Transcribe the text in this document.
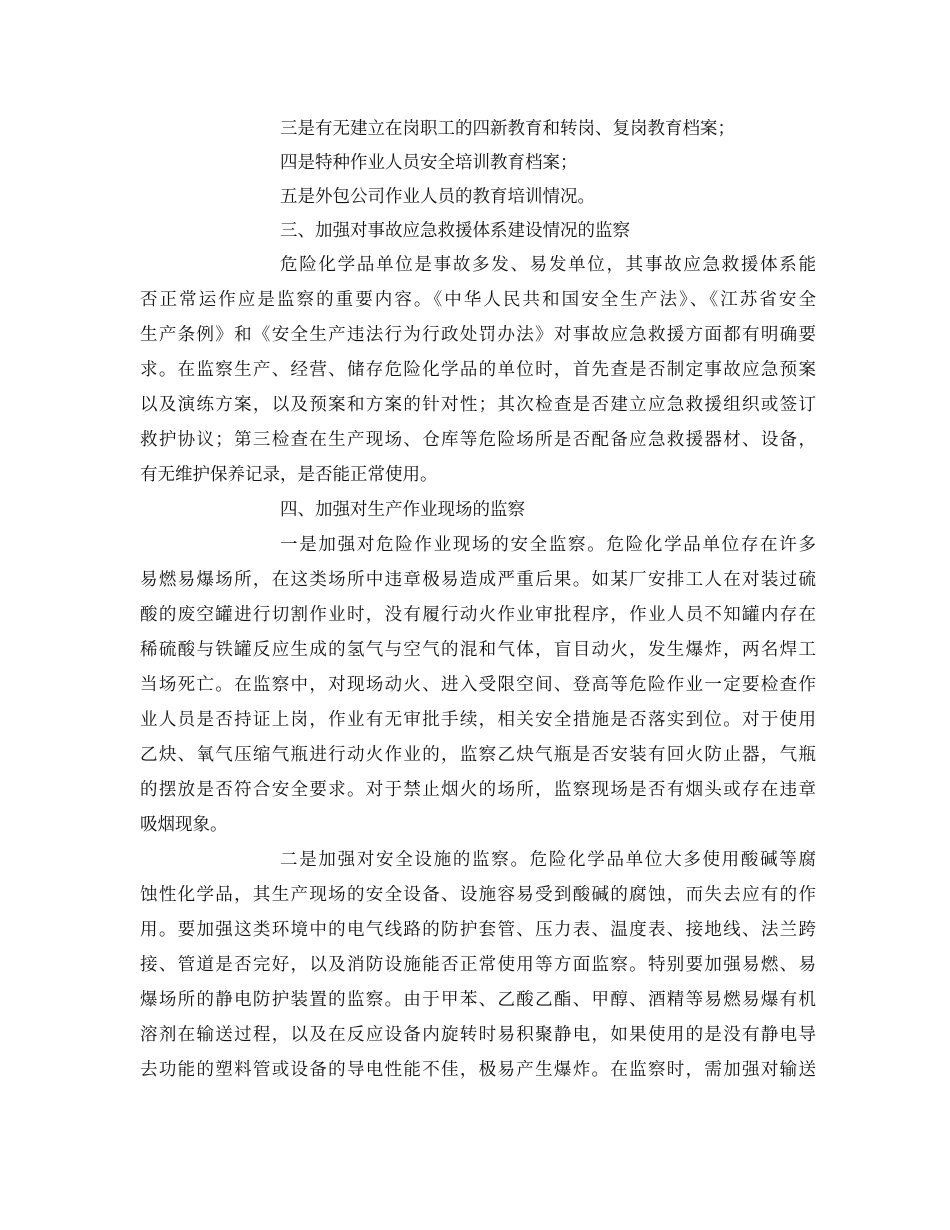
三是有无建立在岗职工的四新教育和转岗、复岗教育档案；
四是特种作业人员安全培训教育档案；
五是外包公司作业人员的教育培训情况。
三、加强对事故应急救援体系建设情况的监察
危险化学品单位是事故多发、易发单位，其事故应急救援体系能
否正常运作应是监察的重要内容。《中华人民共和国安全生产法》、《江苏省安全
生产条例》和《安全生产违法行为行政处罚办法》对事故应急救援方面都有明确要
求。在监察生产、经营、储存危险化学品的单位时，首先查是否制定事故应急预案
以及演练方案，以及预案和方案的针对性；其次检查是否建立应急救援组织或签订
救护协议；第三检查在生产现场、仓库等危险场所是否配备应急救援器材、设备，
有无维护保养记录，是否能正常使用。
四、加强对生产作业现场的监察
一是加强对危险作业现场的安全监察。危险化学品单位存在许多
易燃易爆场所，在这类场所中违章极易造成严重后果。如某厂安排工人在对装过硫
酸的废空罐进行切割作业时，没有履行动火作业审批程序，作业人员不知罐内存在
稀硫酸与铁罐反应生成的氢气与空气的混和气体，盲目动火，发生爆炸，两名焊工
当场死亡。在监察中，对现场动火、进入受限空间、登高等危险作业一定要检查作
业人员是否持证上岗，作业有无审批手续，相关安全措施是否落实到位。对于使用
乙炔、氧气压缩气瓶进行动火作业的，监察乙炔气瓶是否安装有回火防止器，气瓶
的摆放是否符合安全要求。对于禁止烟火的场所，监察现场是否有烟头或存在违章
吸烟现象。
二是加强对安全设施的监察。危险化学品单位大多使用酸碱等腐
蚀性化学品，其生产现场的安全设备、设施容易受到酸碱的腐蚀，而失去应有的作
用。要加强这类环境中的电气线路的防护套管、压力表、温度表、接地线、法兰跨
接、管道是否完好，以及消防设施能否正常使用等方面监察。特别要加强易燃、易
爆场所的静电防护装置的监察。由于甲苯、乙酸乙酯、甲醇、酒精等易燃易爆有机
溶剂在输送过程，以及在反应设备内旋转时易积聚静电，如果使用的是没有静电导
去功能的塑料管或设备的导电性能不佳，极易产生爆炸。在监察时，需加强对输送
